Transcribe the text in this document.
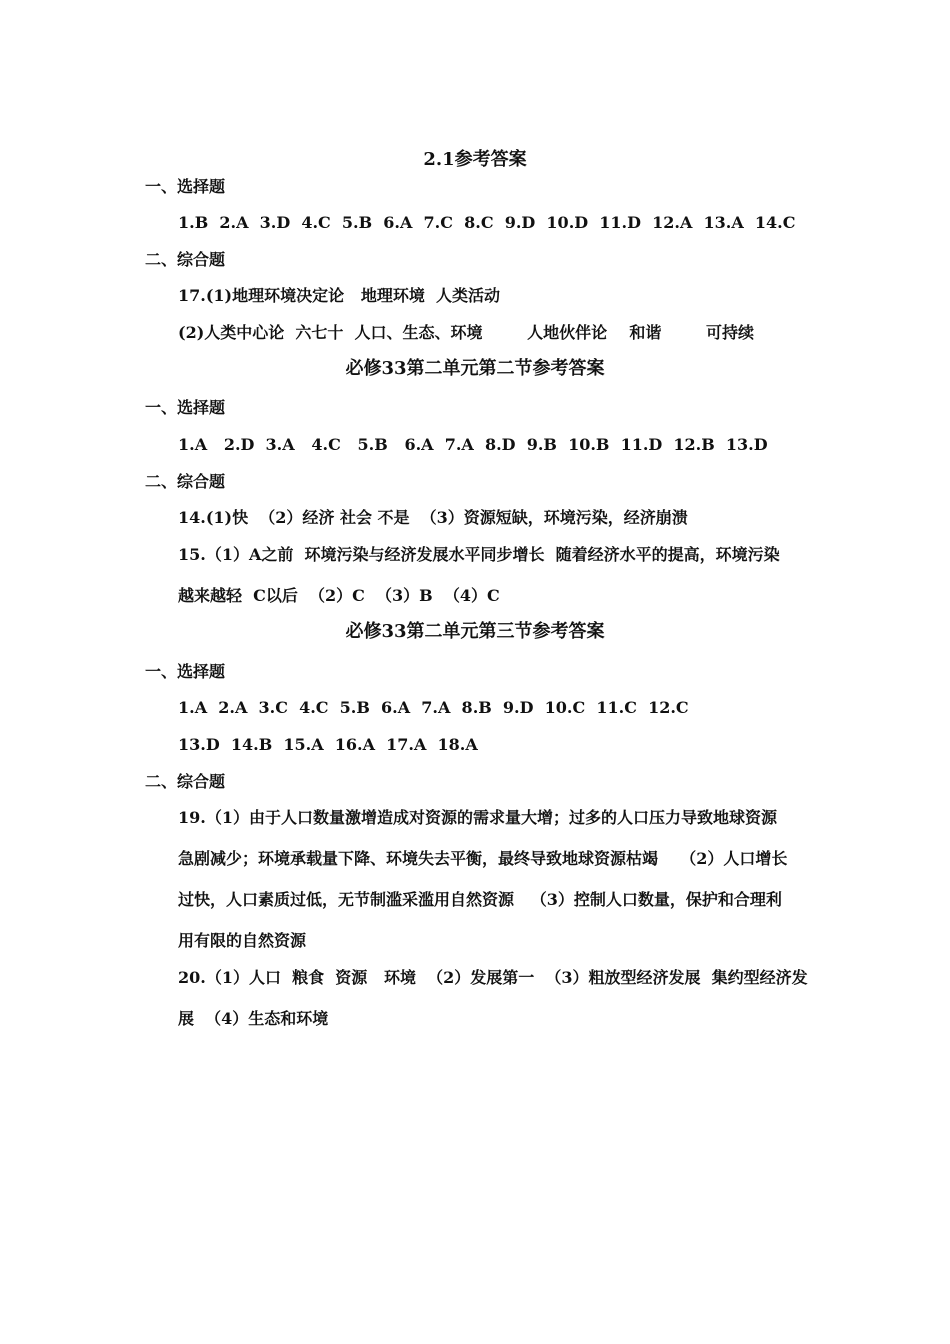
2.1参考答案
一、选择题
1.B  2.A  3.D  4.C  5.B  6.A  7.C  8.C  9.D  10.D  11.D  12.A  13.A  14.C
二、综合题
17.(1)地理环境决定论   地理环境  人类活动
(2)人类中心论  六七十  人口、生态、环境        人地伙伴论    和谐        可持续
必修33第二单元第二节参考答案
一、选择题
1.A   2.D  3.A   4.C   5.B   6.A  7.A  8.D  9.B  10.B  11.D  12.B  13.D
二、综合题
14.(1)快  （2）经济 社会 不是  （3）资源短缺，环境污染，经济崩溃
15.（1）A之前  环境污染与经济发展水平同步增长  随着经济水平的提高，环境污染
越来越轻  C以后  （2）C  （3）B  （4）C
必修33第二单元第三节参考答案
一、选择题
1.A  2.A  3.C  4.C  5.B  6.A  7.A  8.B  9.D  10.C  11.C  12.C
13.D  14.B  15.A  16.A  17.A  18.A
二、综合题
19.（1）由于人口数量激增造成对资源的需求量大增；过多的人口压力导致地球资源
急剧减少；环境承载量下降、环境失去平衡，最终导致地球资源枯竭    （2）人口增长
过快，人口素质过低，无节制滥采滥用自然资源   （3）控制人口数量，保护和合理利
用有限的自然资源
20.（1）人口  粮食  资源   环境  （2）发展第一  （3）粗放型经济发展  集约型经济发
展  （4）生态和环境
